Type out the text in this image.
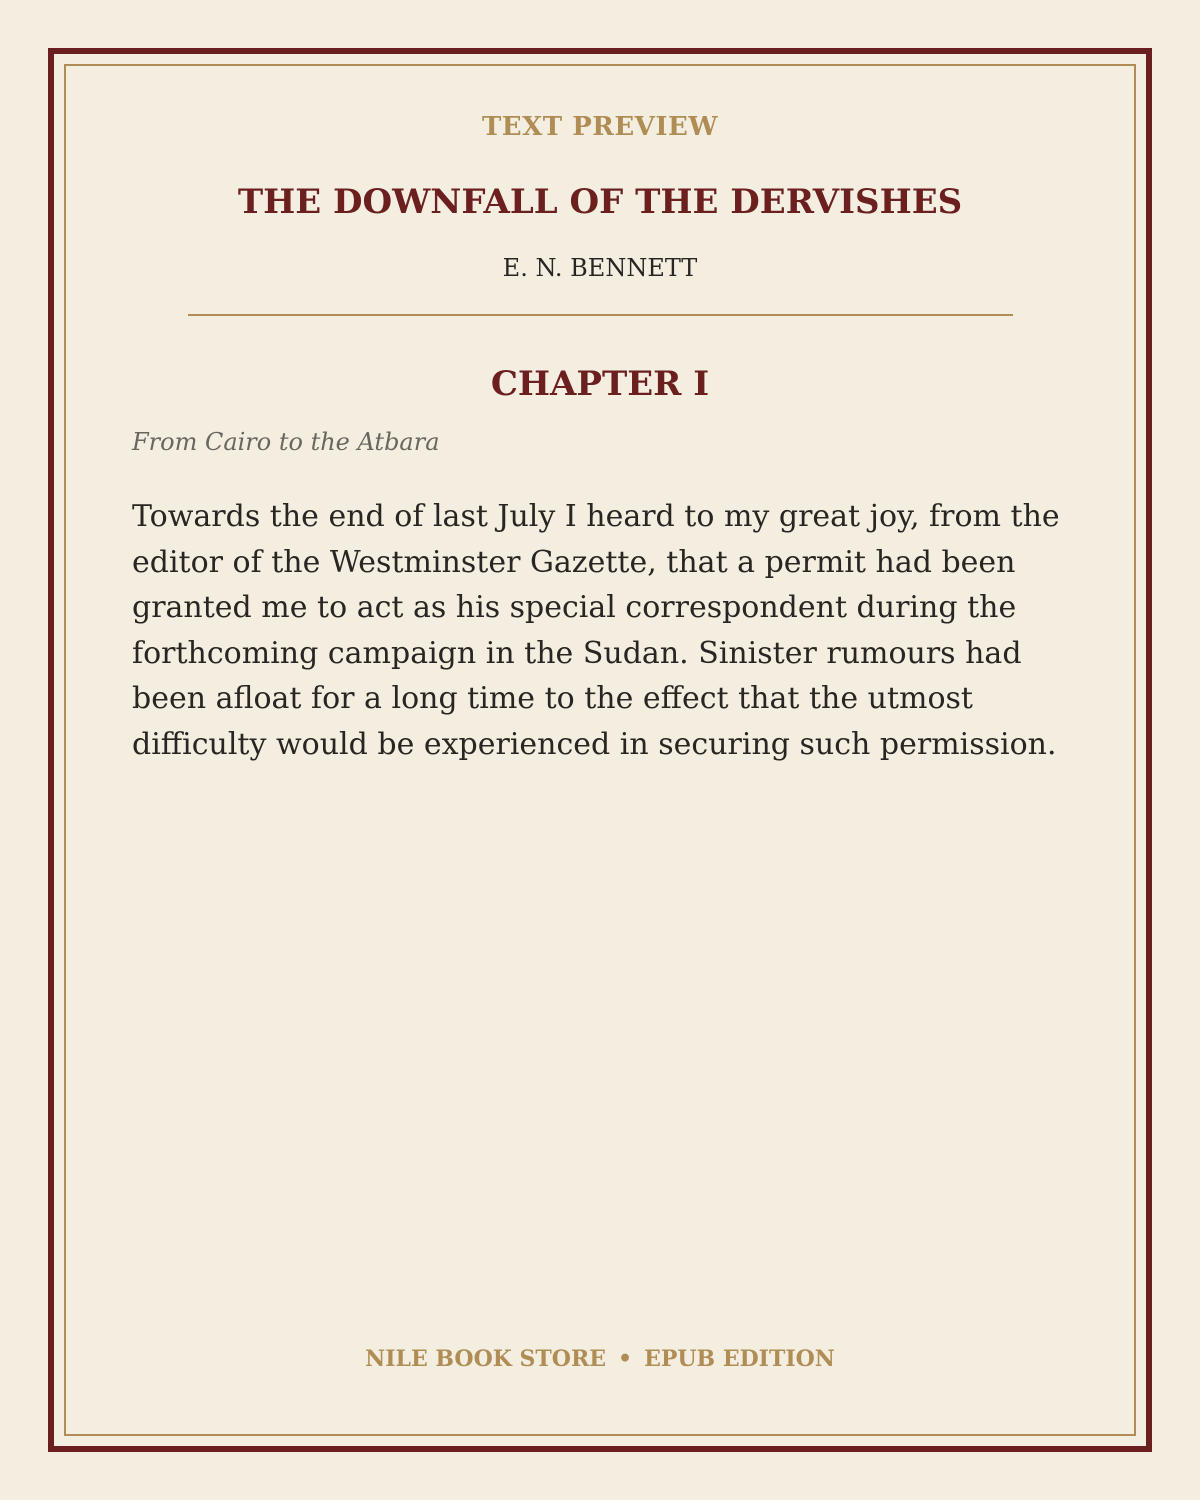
TEXT PREVIEW
THE DOWNFALL OF THE DERVISHES
E. N. BENNETT
CHAPTER I
From Cairo to the Atbara
Towards the end of last July I heard to my great joy, from the editor of the Westminster Gazette, that a permit had been granted me to act as his special correspondent during the forthcoming campaign in the Sudan. Sinister rumours had been afloat for a long time to the effect that the utmost difficulty would be experienced in securing such permission.
NILE BOOK STORE • EPUB EDITION
